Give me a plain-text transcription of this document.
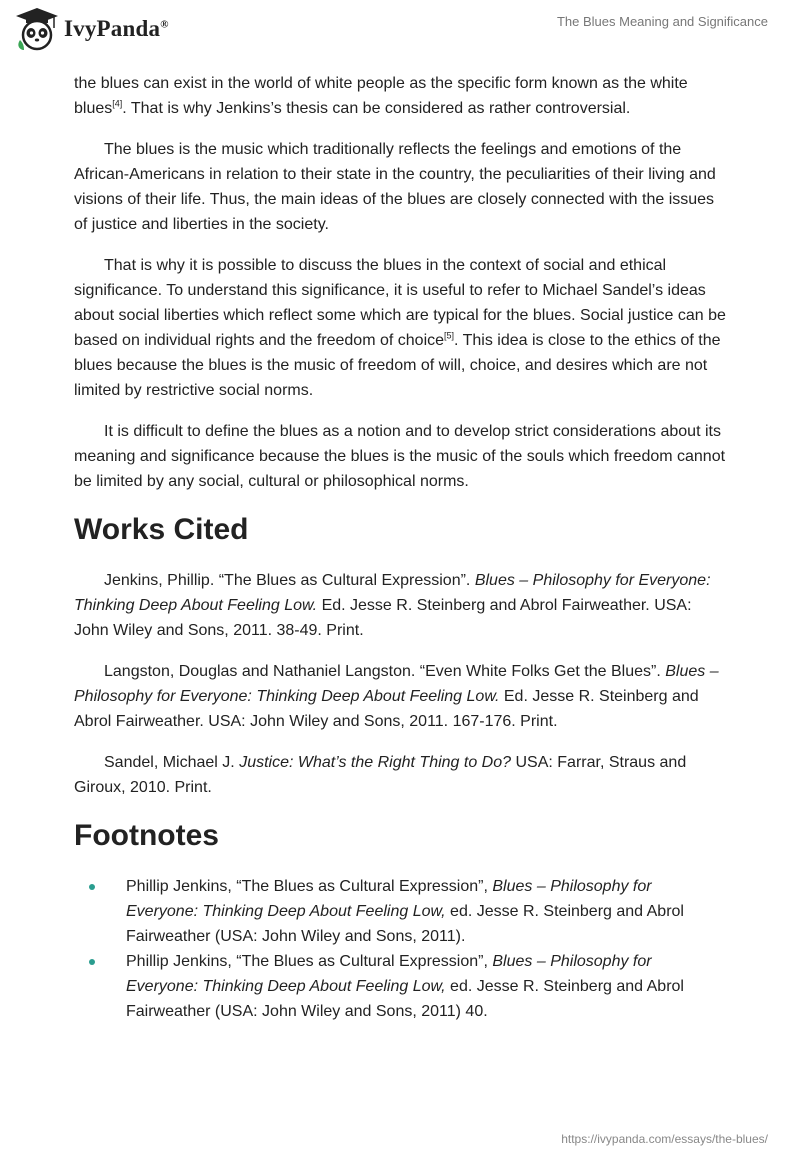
IvyPanda®	The Blues Meaning and Significance

the blues can exist in the world of white people as the specific form known as the white blues[4]. That is why Jenkins’s thesis can be considered as rather controversial.

The blues is the music which traditionally reflects the feelings and emotions of the African-Americans in relation to their state in the country, the peculiarities of their living and visions of their life. Thus, the main ideas of the blues are closely connected with the issues of justice and liberties in the society.

That is why it is possible to discuss the blues in the context of social and ethical significance. To understand this significance, it is useful to refer to Michael Sandel’s ideas about social liberties which reflect some which are typical for the blues. Social justice can be based on individual rights and the freedom of choice[5]. This idea is close to the ethics of the blues because the blues is the music of freedom of will, choice, and desires which are not limited by restrictive social norms.

It is difficult to define the blues as a notion and to develop strict considerations about its meaning and significance because the blues is the music of the souls which freedom cannot be limited by any social, cultural or philosophical norms.

Works Cited

Jenkins, Phillip. “The Blues as Cultural Expression”. Blues – Philosophy for Everyone: Thinking Deep About Feeling Low. Ed. Jesse R. Steinberg and Abrol Fairweather. USA: John Wiley and Sons, 2011. 38-49. Print.

Langston, Douglas and Nathaniel Langston. “Even White Folks Get the Blues”. Blues – Philosophy for Everyone: Thinking Deep About Feeling Low. Ed. Jesse R. Steinberg and Abrol Fairweather. USA: John Wiley and Sons, 2011. 167-176. Print.

Sandel, Michael J. Justice: What’s the Right Thing to Do? USA: Farrar, Straus and Giroux, 2010. Print.

Footnotes
Phillip Jenkins, “The Blues as Cultural Expression”, Blues – Philosophy for Everyone: Thinking Deep About Feeling Low, ed. Jesse R. Steinberg and Abrol Fairweather (USA: John Wiley and Sons, 2011).
Phillip Jenkins, “The Blues as Cultural Expression”, Blues – Philosophy for Everyone: Thinking Deep About Feeling Low, ed. Jesse R. Steinberg and Abrol Fairweather (USA: John Wiley and Sons, 2011) 40.
https://ivypanda.com/essays/the-blues/
